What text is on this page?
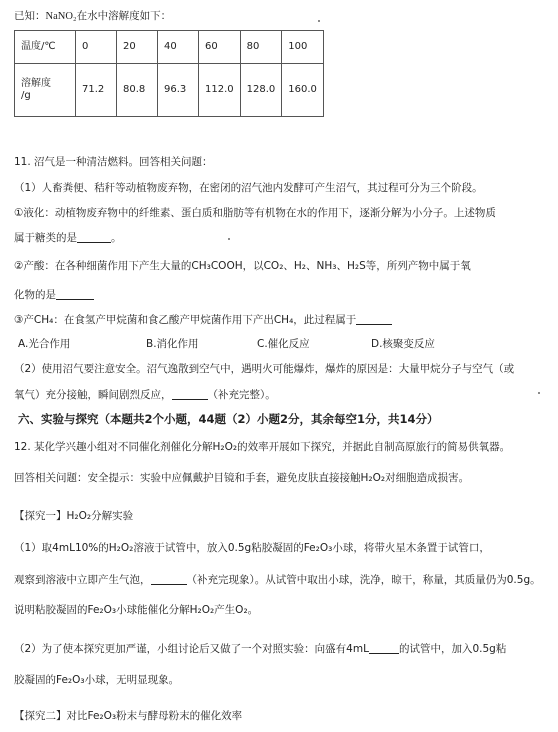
已知：NaNO₂在水中溶解度如下：
温度/℃	0	20	40	60	80	100

溶解度
/g	71.2	80.8	96.3	112.0	128.0	160.0
11. 沼气是一种清洁燃料。回答相关问题：
（1）人畜粪便、秸秆等动植物废弃物，在密闭的沼气池内发酵可产生沼气，其过程可分为三个阶段。
①液化：动植物废弃物中的纤维素、蛋白质和脂肪等有机物在水的作用下，逐渐分解为小分子。上述物质
属于糖类的是	。
②产酸：在各种细菌作用下产生大量的CH₃COOH，以CO₂、H₂、NH₃、H₂S等，所列产物中属于氧
化物的是
③产CH₄：在食氢产甲烷菌和食乙酸产甲烷菌作用下产出CH₄，此过程属于
A.光合作用	B.消化作用	C.催化反应	D.核聚变反应
（2）使用沼气要注意安全。沼气逸散到空气中，遇明火可能爆炸，爆炸的原因是：大量甲烷分子与空气（或
氧气）充分接触，瞬间剧烈反应，	（补充完整）。
六、实验与探究（本题共2个小题，44题（2）小题2分，其余每空1分，共14分）
12. 某化学兴趣小组对不同催化剂催化分解H₂O₂的效率开展如下探究，并据此自制高原旅行的简易供氧器。
回答相关问题：安全提示：实验中应佩戴护目镜和手套，避免皮肤直接接触H₂O₂对细胞造成损害。
【探究一】H₂O₂分解实验
（1）取4mL10%的H₂O₂溶液于试管中，放入0.5g粘胶凝固的Fe₂O₃小球，将带火星木条置于试管口，
观察到溶液中立即产生气泡，	（补充完现象）。从试管中取出小球，洗净，晾干，称量，其质量仍为0.5g。
说明粘胶凝固的Fe₂O₃小球能催化分解H₂O₂产生O₂。
（2）为了使本探究更加严谨，小组讨论后又做了一个对照实验：向盛有4mL	的试管中，加入0.5g粘
胶凝固的Fe₂O₃小球，无明显现象。
【探究二】对比Fe₂O₃粉末与酵母粉末的催化效率
